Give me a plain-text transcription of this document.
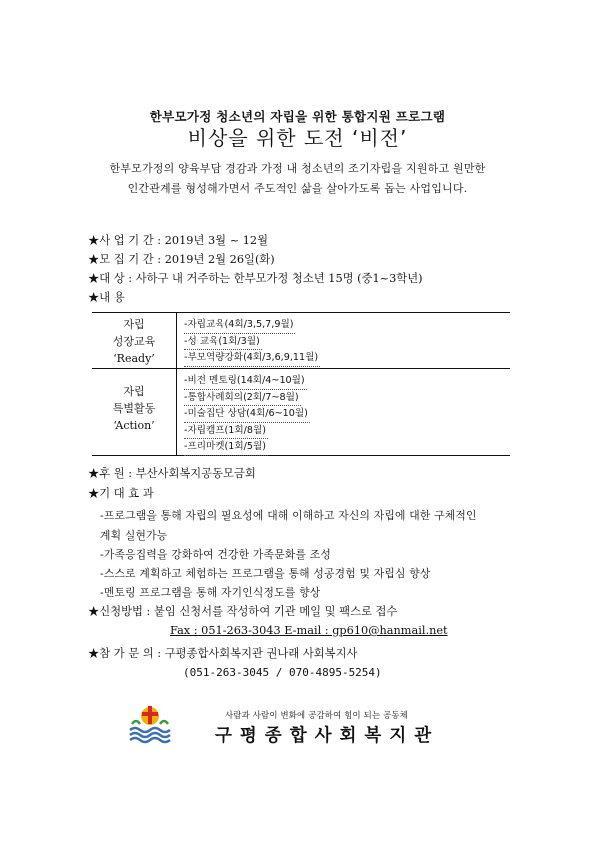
한부모가정 청소년의 자립을 위한 통합지원 프로그램
비상을 위한 도전 ‘비전’
한부모가정의 양육부담 경감과 가정 내 청소년의 조기자립을 지원하고 원만한
인간관계를 형성해가면서 주도적인 삶을 살아가도록 돕는 사업입니다.
★사 업 기 간 : 2019년 3월 ~ 12월
★모 집 기 간 : 2019년 2월 26일(화)
★대 상 : 사하구 내 거주하는 한부모가정 청소년 15명 (중1~3학년)
★내 용
자립
성장교육
‘Ready’
-자립교육(4회/3,5,7,9월)
-성 교육(1회/3월)
-부모역량강화(4회/3,6,9,11월)
자립
특별활동
‘Action’
-비전 멘토링(14회/4~10월)
-통합사례회의(2회/7~8월)
-미술집단 상담(4회/6~10월)
-자립캠프(1회/8월)
-프리마켓(1회/5월)
★후 원 : 부산사회복지공동모금회
★기 대 효 과
-프로그램을 통해 자립의 필요성에 대해 이해하고 자신의 자립에 대한 구체적인
계획 실현가능
-가족응집력을 강화하여 건강한 가족문화를 조성
-스스로 계획하고 체험하는 프로그램을 통해 성공경험 및 자립심 향상
-멘토링 프로그램을 통해 자기인식정도를 향상
★신청방법 : 붙임 신청서를 작성하여 기관 메일 및 팩스로 접수
Fax : 051-263-3043 E-mail : gp610@hanmail.net
★참 가 문 의 : 구평종합사회복지관 권나래 사회복지사
(051-263-3045 / 070-4895-5254)
사람과 사람이 변화에 공감하여 힘이 되는 공동체
구평종합사회복지관
